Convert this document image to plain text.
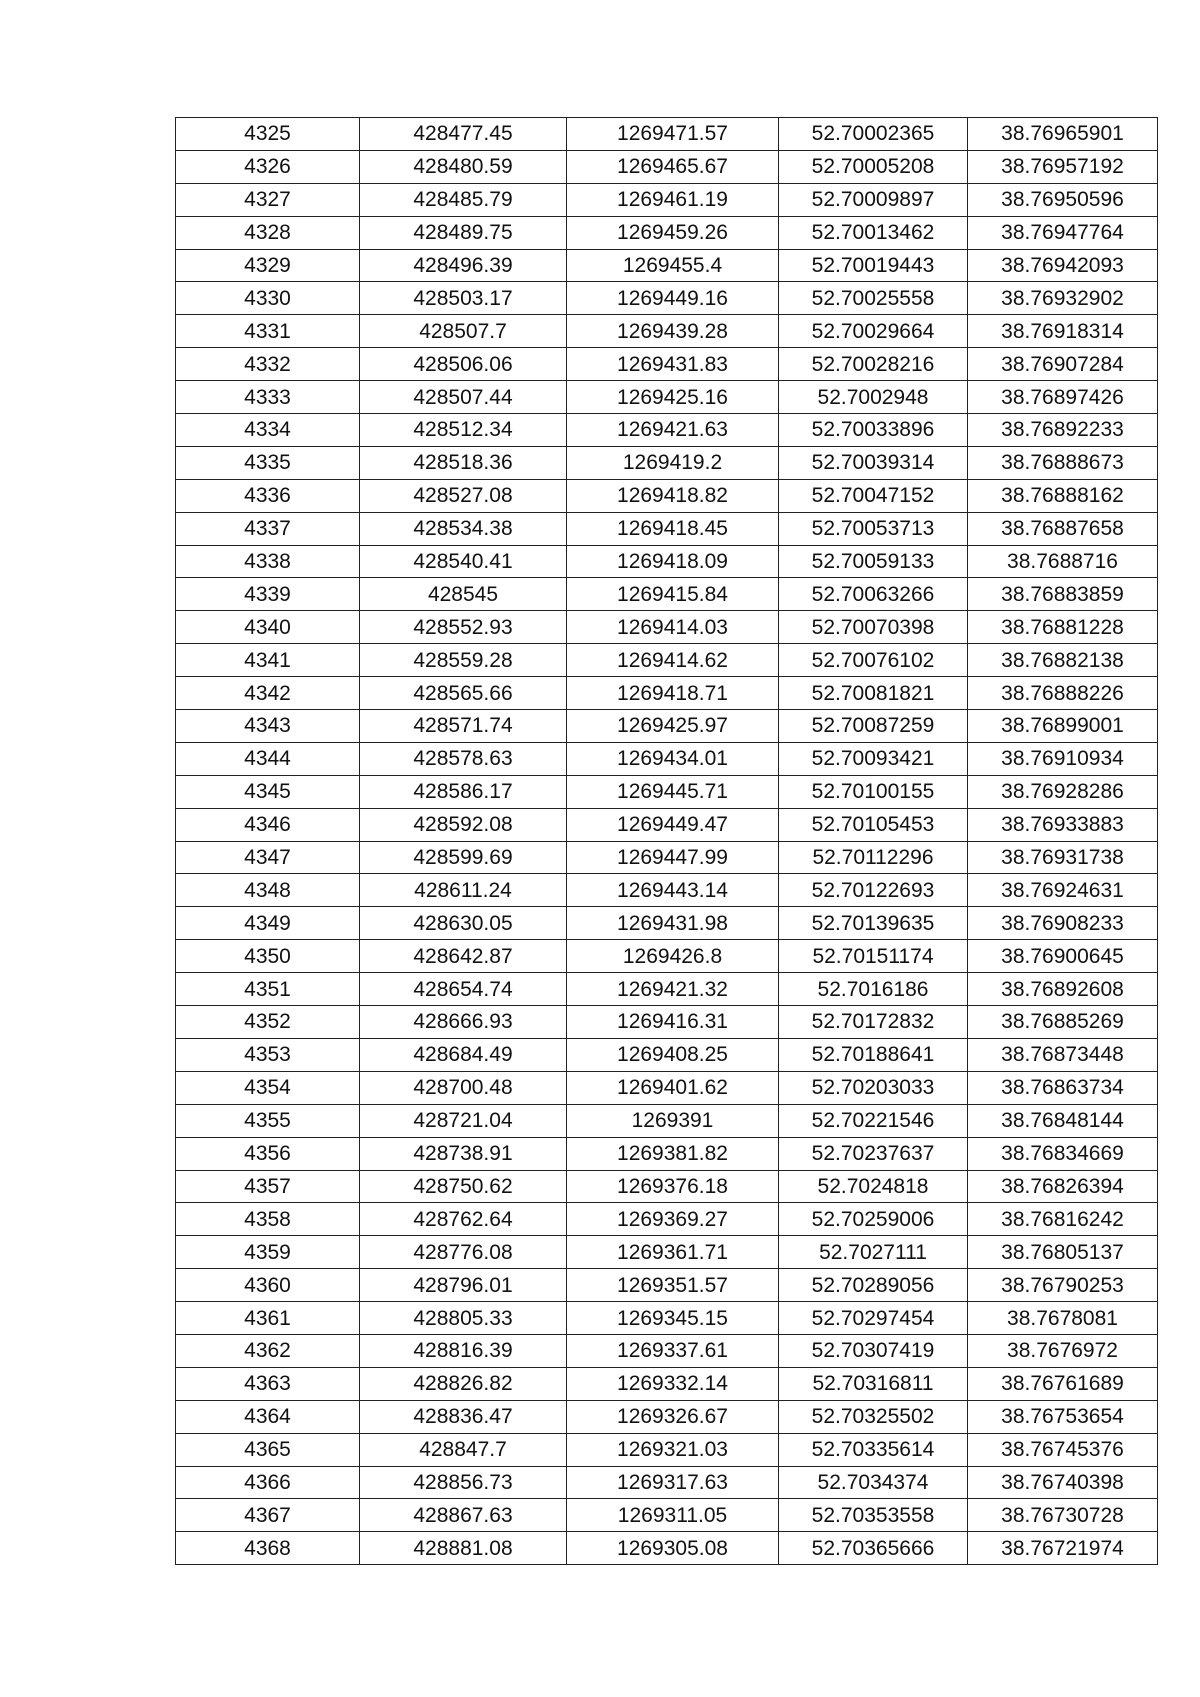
4325	428477.45	1269471.57	52.70002365	38.76965901
4326	428480.59	1269465.67	52.70005208	38.76957192
4327	428485.79	1269461.19	52.70009897	38.76950596
4328	428489.75	1269459.26	52.70013462	38.76947764
4329	428496.39	1269455.4	52.70019443	38.76942093
4330	428503.17	1269449.16	52.70025558	38.76932902
4331	428507.7	1269439.28	52.70029664	38.76918314
4332	428506.06	1269431.83	52.70028216	38.76907284
4333	428507.44	1269425.16	52.7002948	38.76897426
4334	428512.34	1269421.63	52.70033896	38.76892233
4335	428518.36	1269419.2	52.70039314	38.76888673
4336	428527.08	1269418.82	52.70047152	38.76888162
4337	428534.38	1269418.45	52.70053713	38.76887658
4338	428540.41	1269418.09	52.70059133	38.7688716
4339	428545	1269415.84	52.70063266	38.76883859
4340	428552.93	1269414.03	52.70070398	38.76881228
4341	428559.28	1269414.62	52.70076102	38.76882138
4342	428565.66	1269418.71	52.70081821	38.76888226
4343	428571.74	1269425.97	52.70087259	38.76899001
4344	428578.63	1269434.01	52.70093421	38.76910934
4345	428586.17	1269445.71	52.70100155	38.76928286
4346	428592.08	1269449.47	52.70105453	38.76933883
4347	428599.69	1269447.99	52.70112296	38.76931738
4348	428611.24	1269443.14	52.70122693	38.76924631
4349	428630.05	1269431.98	52.70139635	38.76908233
4350	428642.87	1269426.8	52.70151174	38.76900645
4351	428654.74	1269421.32	52.7016186	38.76892608
4352	428666.93	1269416.31	52.70172832	38.76885269
4353	428684.49	1269408.25	52.70188641	38.76873448
4354	428700.48	1269401.62	52.70203033	38.76863734
4355	428721.04	1269391	52.70221546	38.76848144
4356	428738.91	1269381.82	52.70237637	38.76834669
4357	428750.62	1269376.18	52.7024818	38.76826394
4358	428762.64	1269369.27	52.70259006	38.76816242
4359	428776.08	1269361.71	52.7027111	38.76805137
4360	428796.01	1269351.57	52.70289056	38.76790253
4361	428805.33	1269345.15	52.70297454	38.7678081
4362	428816.39	1269337.61	52.70307419	38.7676972
4363	428826.82	1269332.14	52.70316811	38.76761689
4364	428836.47	1269326.67	52.70325502	38.76753654
4365	428847.7	1269321.03	52.70335614	38.76745376
4366	428856.73	1269317.63	52.7034374	38.76740398
4367	428867.63	1269311.05	52.70353558	38.76730728
4368	428881.08	1269305.08	52.70365666	38.76721974
